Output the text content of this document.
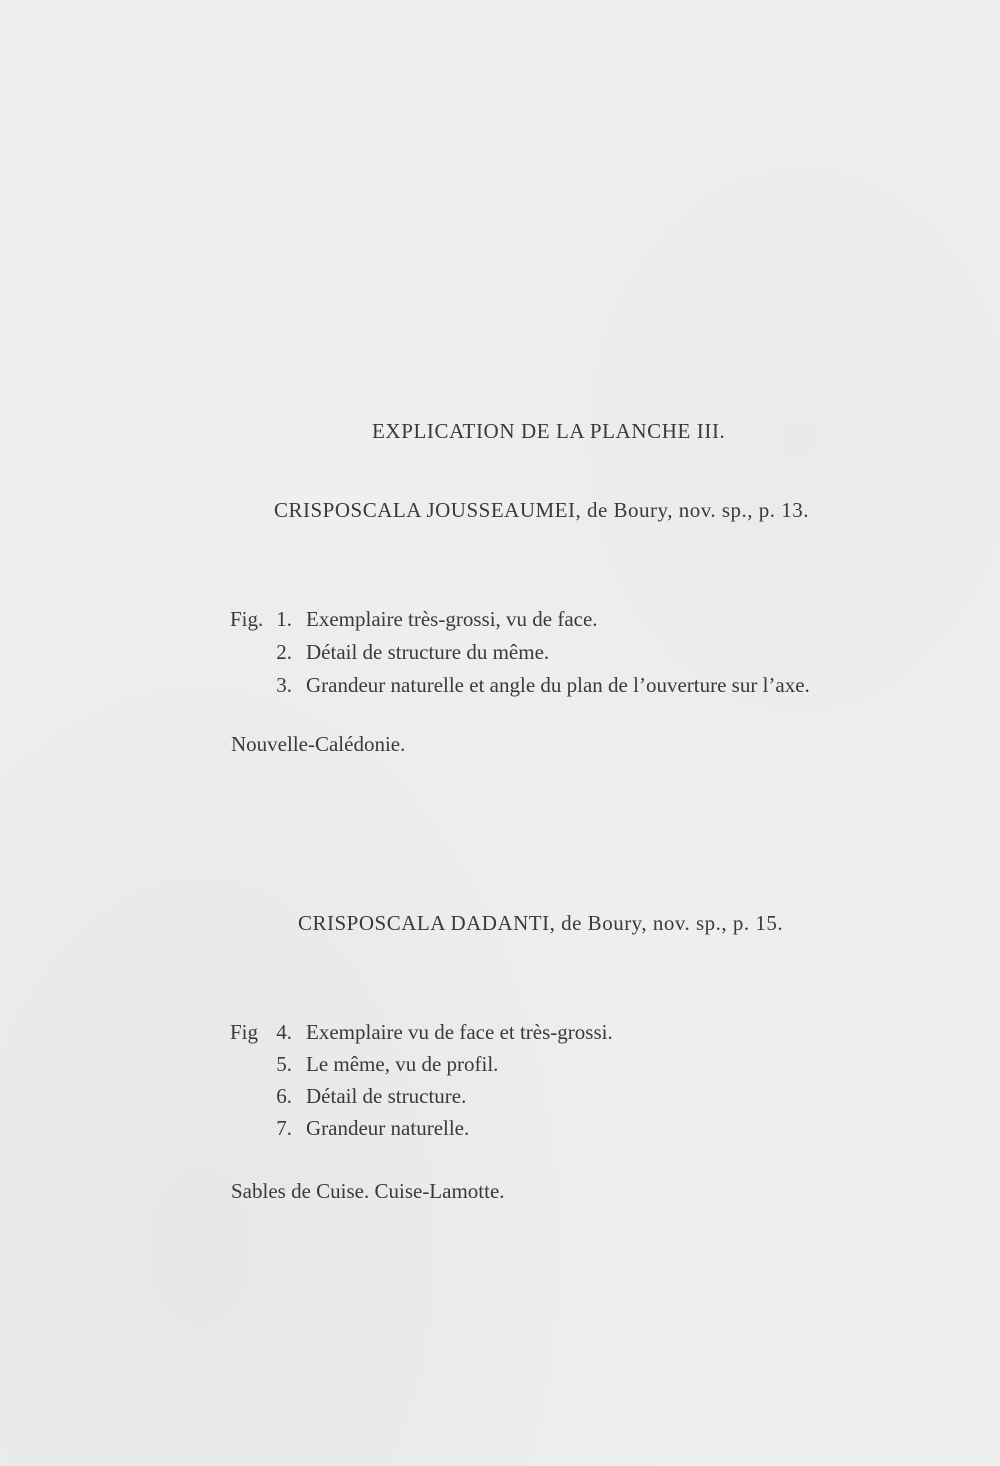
EXPLICATION DE LA PLANCHE III.
CRISPOSCALA JOUSSEAUMEI, de Boury, nov. sp., p. 13.
Fig. 1. Exemplaire très-grossi, vu de face.
2. Détail de structure du même.
3. Grandeur naturelle et angle du plan de l’ouverture sur l’axe.
Nouvelle-Calédonie.
CRISPOSCALA DADANTI, de Boury, nov. sp., p. 15.
Fig 4. Exemplaire vu de face et très-grossi.
5. Le même, vu de profil.
6. Détail de structure.
7. Grandeur naturelle.
Sables de Cuise. Cuise-Lamotte.
